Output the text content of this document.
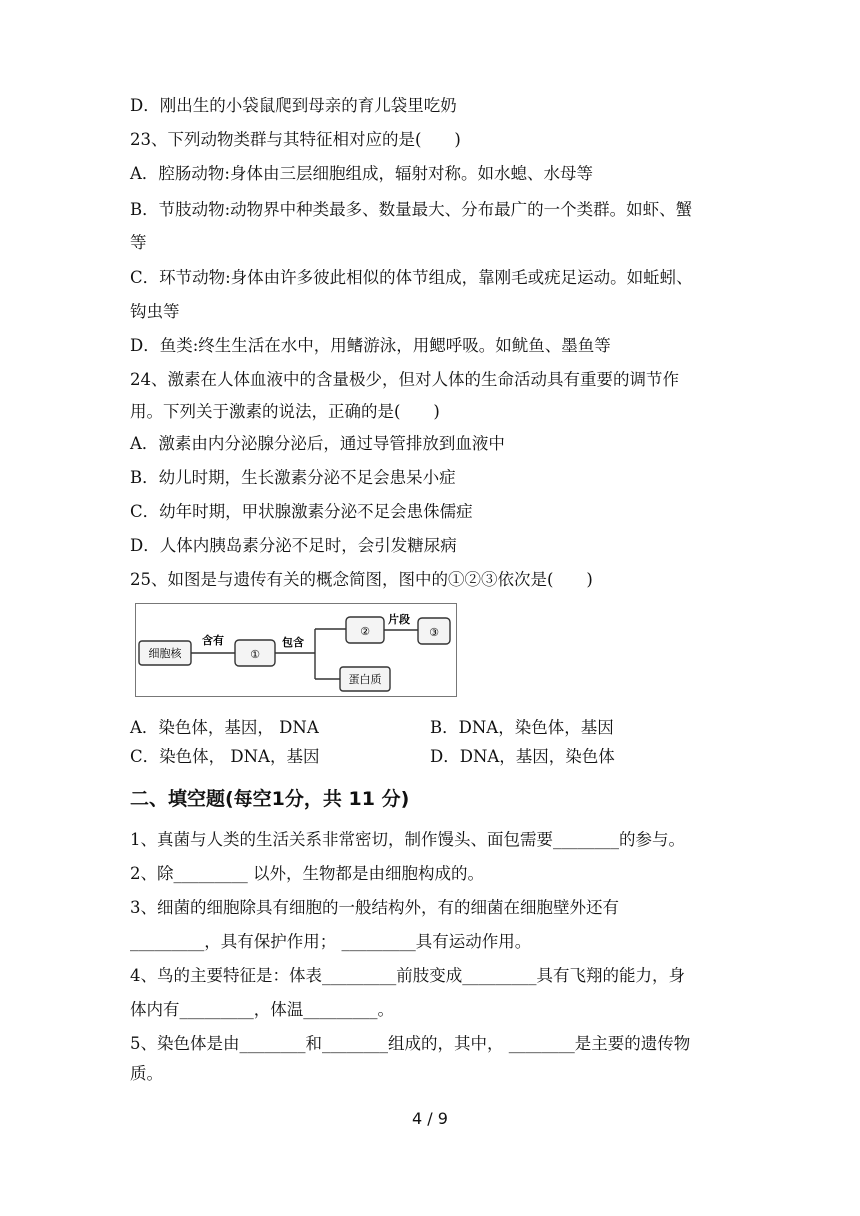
D．刚出生的小袋鼠爬到母亲的育儿袋里吃奶
23、下列动物类群与其特征相对应的是(　　)
A．腔肠动物:身体由三层细胞组成，辐射对称。如水螅、水母等
B．节肢动物:动物界中种类最多、数量最大、分布最广的一个类群。如虾、蟹
等
C．环节动物:身体由许多彼此相似的体节组成，靠刚毛或疣足运动。如蚯蚓、
钩虫等
D．鱼类:终生生活在水中，用鳍游泳，用鳃呼吸。如鱿鱼、墨鱼等
24、激素在人体血液中的含量极少，但对人体的生命活动具有重要的调节作
用。下列关于激素的说法，正确的是(　　)
A．激素由内分泌腺分泌后，通过导管排放到血液中
B．幼儿时期，生长激素分泌不足会患呆小症
C．幼年时期，甲状腺激素分泌不足会患侏儒症
D．人体内胰岛素分泌不足时，会引发糖尿病
25、如图是与遗传有关的概念简图，图中的①②③依次是(　　)
细胞核
含有
①
包含
②
片段
③
蛋白质
A．染色体，基因， DNA	B．DNA，染色体，基因
C．染色体， DNA，基因	D．DNA，基因，染色体
二、填空题(每空1分，共 11 分)
1、真菌与人类的生活关系非常密切，制作馒头、面包需要________的参与。
2、除_________ 以外，生物都是由细胞构成的。
3、细菌的细胞除具有细胞的一般结构外，有的细菌在细胞壁外还有
_________，具有保护作用； _________具有运动作用。
4、鸟的主要特征是：体表_________前肢变成_________具有飞翔的能力，身
体内有_________，体温_________。
5、染色体是由________和________组成的，其中， ________是主要的遗传物
质。
4 / 9
